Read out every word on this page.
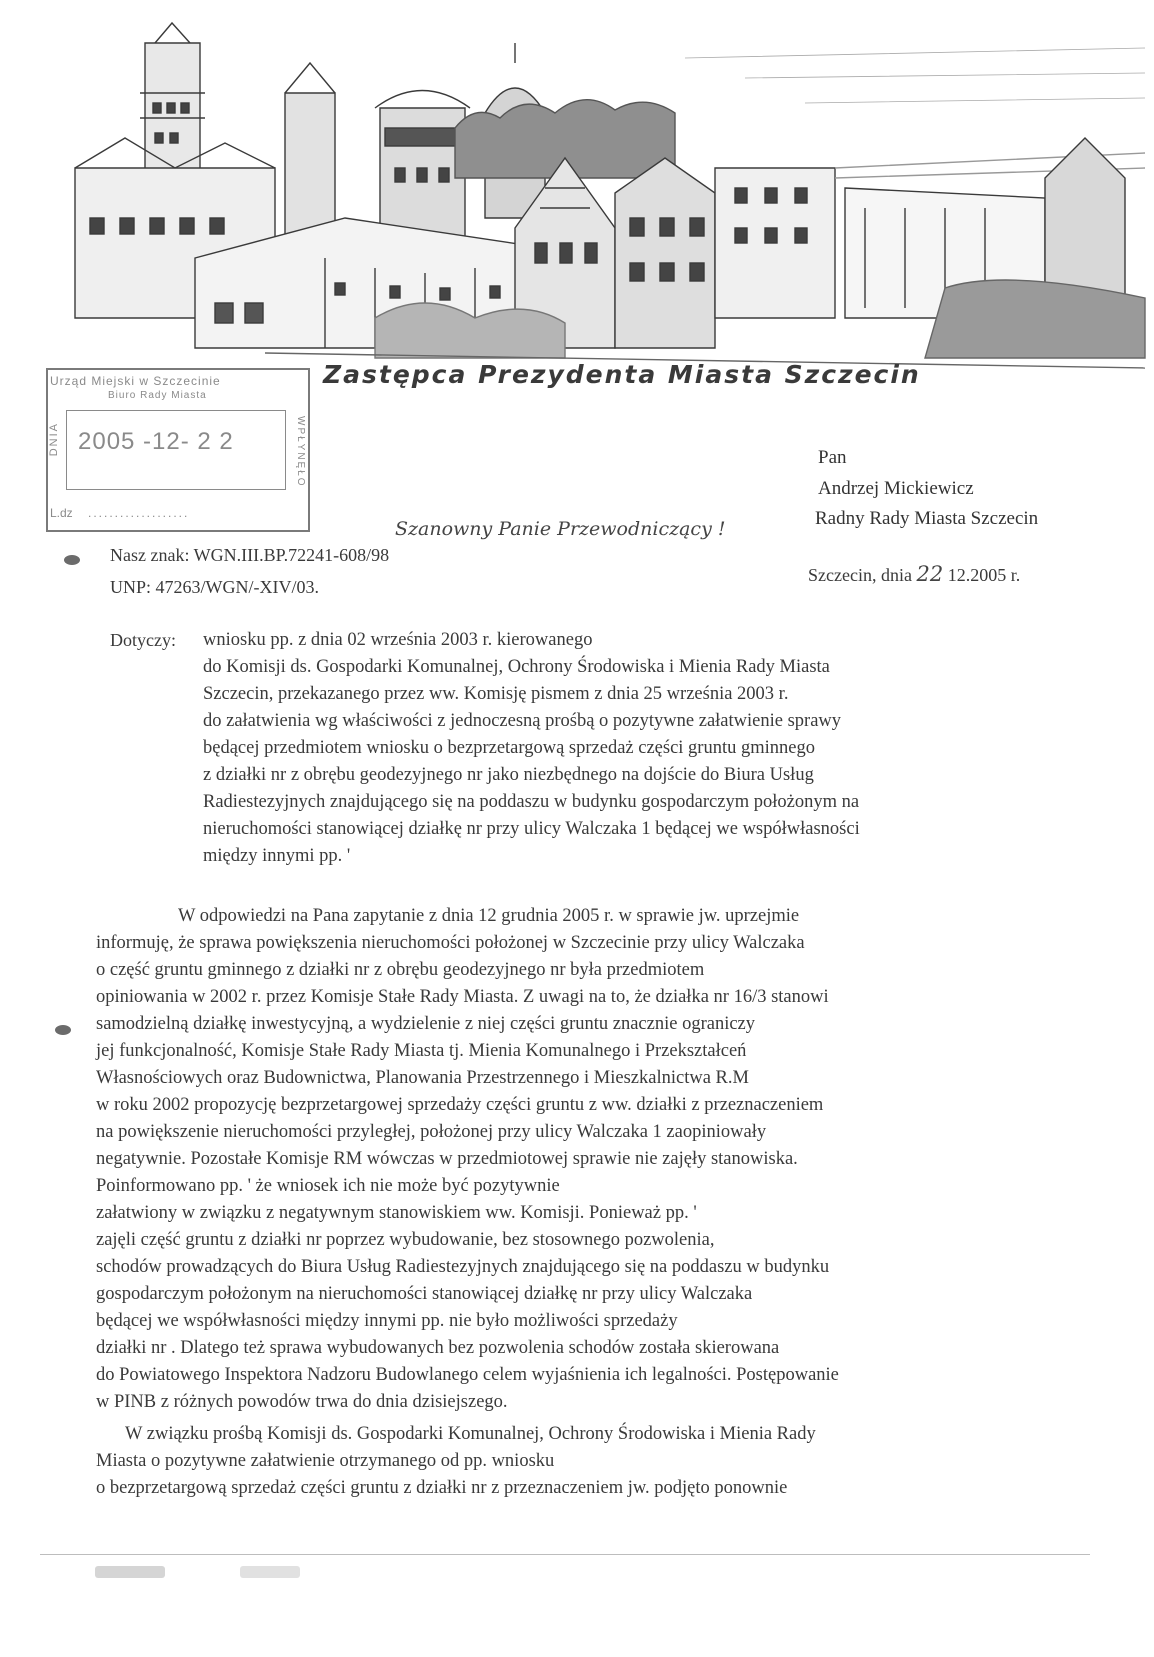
Urząd Miejski w Szczecinie
Biuro Rady Miasta
DNIA 2005 -12- 2 2	WPŁYNĘŁO
L.dz ...................
Zastępca Prezydenta Miasta Szczecin
Pan
Andrzej Mickiewicz
Radny Rady Miasta Szczecin
Szanowny Panie Przewodniczący !
Nasz znak: WGN.III.BP.72241-608/98
UNP: 47263/WGN/-XIV/03.
Szczecin, dnia 22 12.2005 r.
Dotyczy: wniosku pp. z dnia 02 września 2003 r. kierowanego
do Komisji ds. Gospodarki Komunalnej, Ochrony Środowiska i Mienia Rady Miasta
Szczecin, przekazanego przez ww. Komisję pismem z dnia 25 września 2003 r.
do załatwienia wg właściwości z jednoczesną prośbą o pozytywne załatwienie sprawy
będącej przedmiotem wniosku o bezprzetargową sprzedaż części gruntu gminnego
z działki nr z obrębu geodezyjnego nr jako niezbędnego na dojście do Biura Usług
Radiestezyjnych znajdującego się na poddaszu w budynku gospodarczym położonym na
nieruchomości stanowiącej działkę nr przy ulicy Walczaka 1 będącej we współwłasności
między innymi pp. '
W odpowiedzi na Pana zapytanie z dnia 12 grudnia 2005 r. w sprawie jw. uprzejmie
informuję, że sprawa powiększenia nieruchomości położonej w Szczecinie przy ulicy Walczaka
o część gruntu gminnego z działki nr z obrębu geodezyjnego nr była przedmiotem
opiniowania w 2002 r. przez Komisje Stałe Rady Miasta. Z uwagi na to, że działka nr 16/3 stanowi
samodzielną działkę inwestycyjną, a wydzielenie z niej części gruntu znacznie ograniczy
jej funkcjonalność, Komisje Stałe Rady Miasta tj. Mienia Komunalnego i Przekształceń
Własnościowych oraz Budownictwa, Planowania Przestrzennego i Mieszkalnictwa R.M
w roku 2002 propozycję bezprzetargowej sprzedaży części gruntu z ww. działki z przeznaczeniem
na powiększenie nieruchomości przyległej, położonej przy ulicy Walczaka 1 zaopiniowały
negatywnie. Pozostałe Komisje RM wówczas w przedmiotowej sprawie nie zajęły stanowiska.
Poinformowano pp. ' że wniosek ich nie może być pozytywnie
załatwiony w związku z negatywnym stanowiskiem ww. Komisji. Ponieważ pp. '
zajęli część gruntu z działki nr poprzez wybudowanie, bez stosownego pozwolenia,
schodów prowadzących do Biura Usług Radiestezyjnych znajdującego się na poddaszu w budynku
gospodarczym położonym na nieruchomości stanowiącej działkę nr przy ulicy Walczaka
będącej we współwłasności między innymi pp. nie było możliwości sprzedaży
działki nr . Dlatego też sprawa wybudowanych bez pozwolenia schodów została skierowana
do Powiatowego Inspektora Nadzoru Budowlanego celem wyjaśnienia ich legalności. Postępowanie
w PINB z różnych powodów trwa do dnia dzisiejszego.
W związku prośbą Komisji ds. Gospodarki Komunalnej, Ochrony Środowiska i Mienia Rady
Miasta o pozytywne załatwienie otrzymanego od pp. wniosku
o bezprzetargową sprzedaż części gruntu z działki nr z przeznaczeniem jw. podjęto ponownie
